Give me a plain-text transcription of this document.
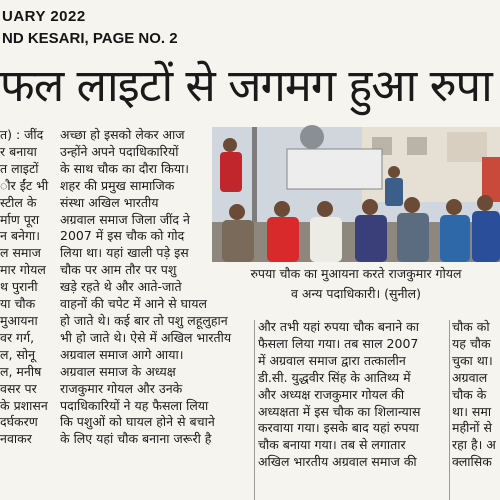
UARY 2022
ND KESARI, PAGE NO. 2
फल लाइटों से जगमग हुआ रुपा
त) : जींद
र बनाया
त लाइटों
ौर ईंट भी
स्टील के
र्माण पूरा
न बनेगा।
ल समाज
मार गोयल
थ पुरानी
या चौक
मुआयना
वर गर्ग,
ल, सोनू
ल, मनीष
वसर पर
के प्रशासन
दर्घकरण
नवाकर
अच्छा हो इसको लेकर आज
उन्होंने अपने पदाधिकारियों
के साथ चौक का दौरा किया।
शहर की प्रमुख सामाजिक
संस्था अखिल भारतीय
अग्रवाल समाज जिला जींद ने
2007 में इस चौक को गोद
लिया था। यहां खाली पड़े इस
चौक पर आम तौर पर पशु
खड़े रहते थे और आते-जाते
वाहनों की चपेट में आने से घायल
हो जाते थे। कई बार तो पशु लहूलुहान
भी हो जाते थे। ऐसे में अखिल भारतीय
अग्रवाल समाज आगे आया।
अग्रवाल समाज के अध्यक्ष
राजकुमार गोयल और उनके
पदाधिकारियों ने यह फैसला लिया
कि पशुओं को घायल होने से बचाने
के लिए यहां चौक बनाना जरूरी है
रुपया चौक का मुआयना करते राजकुमार गोयल
व अन्य पदाधिकारी। (सुनील)
और तभी यहां रुपया चौक बनाने का
फैसला लिया गया। तब साल 2007
में अग्रवाल समाज द्वारा तत्कालीन
डी.सी. युद्धवीर सिंह के आतिथ्य में
और अध्यक्ष राजकुमार गोयल की
अध्यक्षता में इस चौक का शिलान्यास
करवाया गया। इसके बाद यहां रुपया
चौक बनाया गया। तब से लगातार
अखिल भारतीय अग्रवाल समाज की
चौक को
यह चौक
चुका था।
अग्रवाल
चौक के
था। समा
महीनों से
रहा है। अ
क्लासिक
